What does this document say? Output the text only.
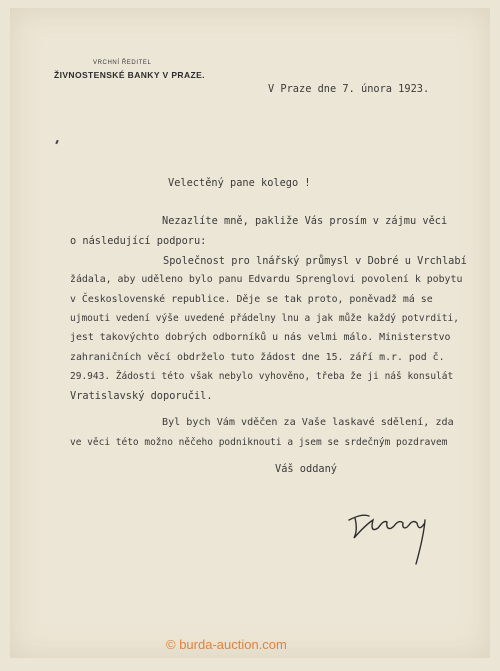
VRCHNÍ ŘEDITEL
ŽIVNOSTENSKÉ BANKY V PRAZE.
V Praze dne 7. února 1923.
Velectěný pane kolego !
Nezazlíte mně, pakliže Vás prosím v zájmu věci
o následující podporu:
Společnost pro lnářský průmysl v Dobré u Vrchlabí
žádala, aby uděleno bylo panu Edvardu Sprenglovi povolení k pobytu
v Československé republice. Děje se tak proto, poněvadž má se
ujmouti vedení výše uvedené přádelny lnu a jak může každý potvrditi,
jest takovýchto dobrých odborníků u nás velmi málo. Ministerstvo
zahraničních věcí obdrželo tuto žádost dne 15. září m.r. pod č.
29.943. Žádosti této však nebylo vyhověno, třeba že ji náš konsulát
Vratislavský doporučil.
Byl bych Vám vděčen za Vaše laskavé sdělení, zda
ve věci této možno něčeho podniknouti a jsem se srdečným pozdravem
Váš oddaný
© burda-auction.com
